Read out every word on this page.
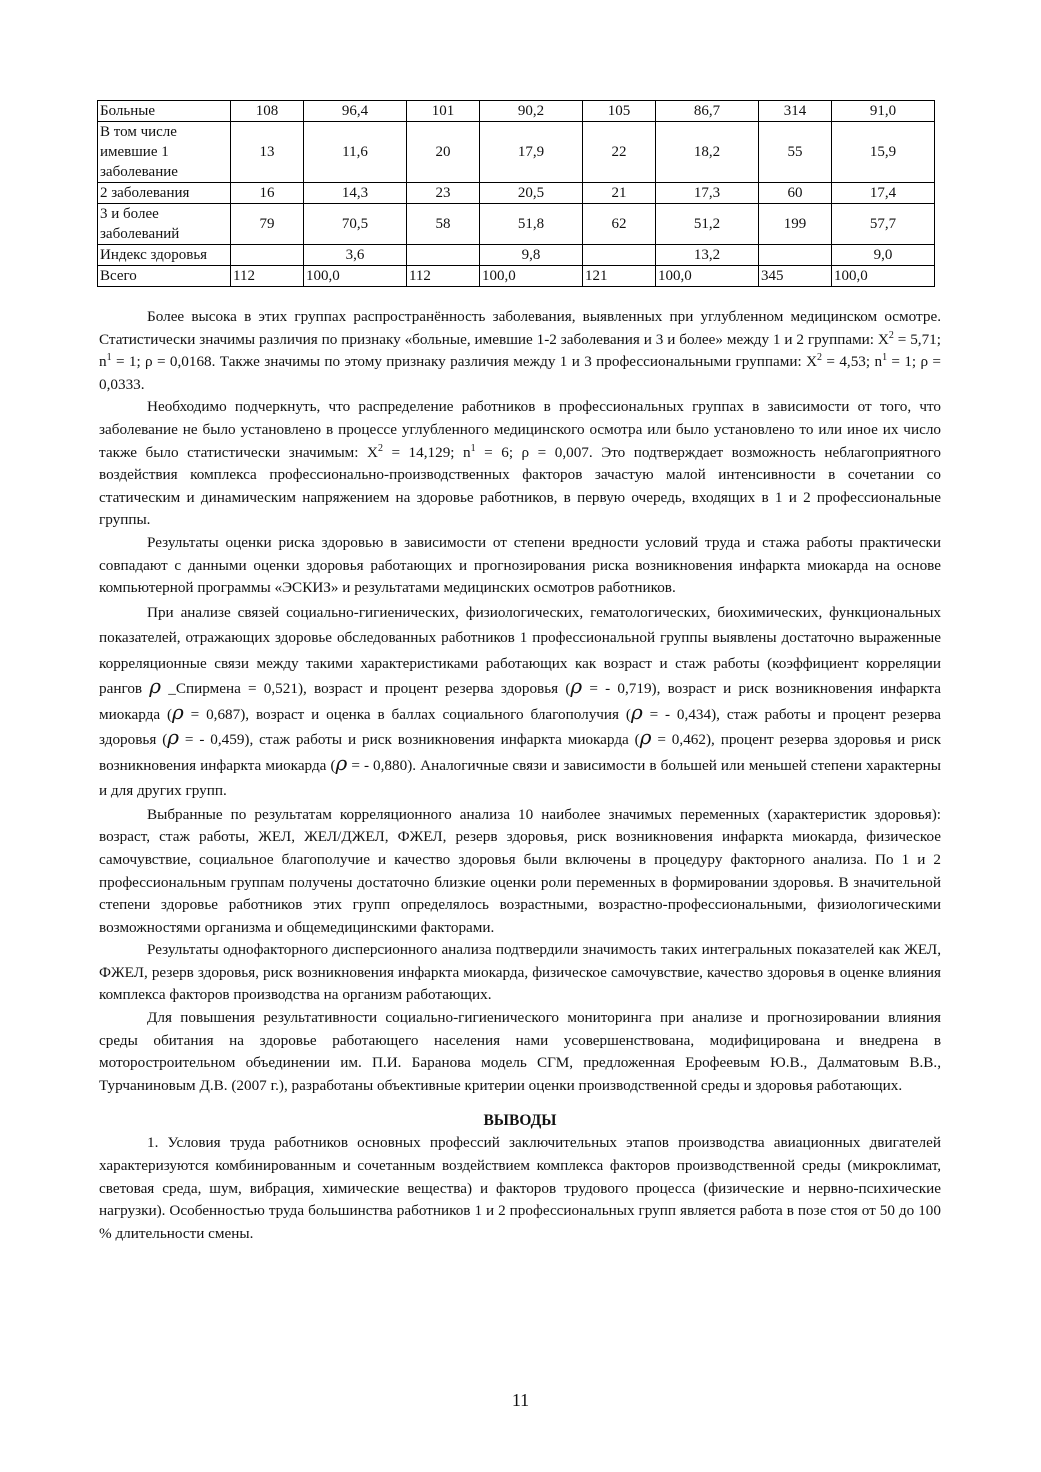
Больные	108	96,4	101	90,2	105	86,7	314	91,0
В том числе имевшие 1 заболевание	13	11,6	20	17,9	22	18,2	55	15,9
2 заболевания	16	14,3	23	20,5	21	17,3	60	17,4
3 и более заболеваний	79	70,5	58	51,8	62	51,2	199	57,7
Индекс здоровья		3,6		9,8		13,2		9,0
Всего	112	100,0	112	100,0	121	100,0	345	100,0

Более высока в этих группах распространённость заболевания, выявленных при углубленном медицинском осмотре. Статистически значимы различия по признаку «больные, имевшие 1-2 заболевания и 3 и более» между 1 и 2 группами: $X^2 = 5,71$; $n^1 = 1$; ρ = 0,0168. Также значимы по этому признаку различия между 1 и 3 профессиональными группами: $X^2 = 4,53$; $n^1 = 1$; ρ = 0,0333.

Необходимо подчеркнуть, что распределение работников в профессиональных группах в зависимости от того, что заболевание не было установлено в процессе углубленного медицинского осмотра или было установлено то или иное их число также было статистически значимым: $X^2 = 14,129$; $n^1 = 6$; ρ = 0,007. Это подтверждает возможность неблагоприятного воздействия комплекса профессионально-производственных факторов зачастую малой интенсивности в сочетании со статическим и динамическим напряжением на здоровье работников, в первую очередь, входящих в 1 и 2 профессиональные группы.

Результаты оценки риска здоровью в зависимости от степени вредности условий труда и стажа работы практически совпадают с данными оценки здоровья работающих и прогнозирования риска возникновения инфаркта миокарда на основе компьютерной программы «ЭСКИЗ» и результатами медицинских осмотров работников.

При анализе связей социально-гигиенических, физиологических, гематологических, биохимических, функциональных показателей, отражающих здоровье обследованных работников 1 профессиональной группы выявлены достаточно выраженные корреляционные связи между такими характеристиками работающих как возраст и стаж работы (коэффициент корреляции рангов ρ _Спирмена = 0,521), возраст и процент резерва здоровья (ρ = - 0,719), возраст и риск возникновения инфаркта миокарда (ρ = 0,687), возраст и оценка в баллах социального благополучия (ρ = - 0,434), стаж работы и процент резерва здоровья (ρ = - 0,459), стаж работы и риск возникновения инфаркта миокарда (ρ = 0,462), процент резерва здоровья и риск возникновения инфаркта миокарда (ρ = - 0,880). Аналогичные связи и зависимости в большей или меньшей степени характерны и для других групп.

Выбранные по результатам корреляционного анализа 10 наиболее значимых переменных (характеристик здоровья): возраст, стаж работы, ЖЕЛ, ЖЕЛ/ДЖЕЛ, ФЖЕЛ, резерв здоровья, риск возникновения инфаркта миокарда, физическое самочувствие, социальное благополучие и качество здоровья были включены в процедуру факторного анализа. По 1 и 2 профессиональным группам получены достаточно близкие оценки роли переменных в формировании здоровья. В значительной степени здоровье работников этих групп определялось возрастными, возрастно-профессиональными, физиологическими возможностями организма и общемедицинскими факторами.

Результаты однофакторного дисперсионного анализа подтвердили значимость таких интегральных показателей как ЖЕЛ, ФЖЕЛ, резерв здоровья, риск возникновения инфаркта миокарда, физическое самочувствие, качество здоровья в оценке влияния комплекса факторов производства на организм работающих.

Для повышения результативности социально-гигиенического мониторинга при анализе и прогнозировании влияния среды обитания на здоровье работающего населения нами усовершенствована, модифицирована и внедрена в моторостроительном объединении им. П.И. Баранова модель СГМ, предложенная Ерофеевым Ю.В., Далматовым В.В., Турчаниновым Д.В. (2007 г.), разработаны объективные критерии оценки производственной среды и здоровья работающих.

ВЫВОДЫ

1. Условия труда работников основных профессий заключительных этапов производства авиационных двигателей характеризуются комбинированным и сочетанным воздействием комплекса факторов производственной среды (микроклимат, световая среда, шум, вибрация, химические вещества) и факторов трудового процесса (физические и нервно-психические нагрузки). Особенностью труда большинства работников 1 и 2 профессиональных групп является работа в позе стоя от 50 до 100 % длительности смены.

11
